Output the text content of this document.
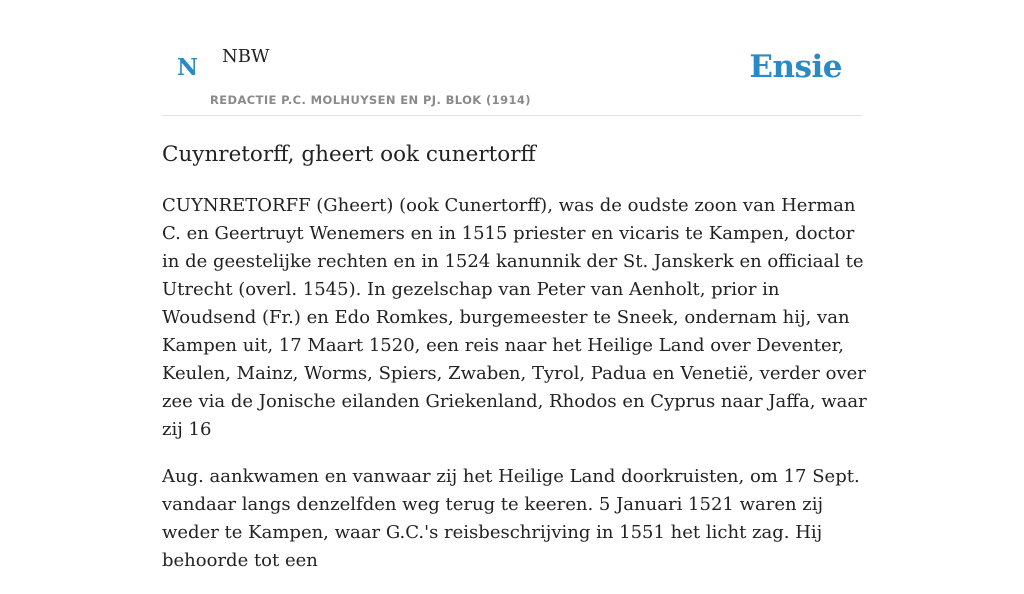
N NBW
REDACTIE P.C. MOLHUYSEN EN PJ. BLOK (1914)
Ensie
Cuynretorff, gheert ook cunertorff

CUYNRETORFF (Gheert) (ook Cunertorff), was de oudste zoon van Herman C. en Geertruyt Wenemers en in 1515 priester en vicaris te Kampen, doctor in de geestelijke rechten en in 1524 kanunnik der St. Janskerk en officiaal te Utrecht (overl. 1545). In gezelschap van Peter van Aenholt, prior in Woudsend (Fr.) en Edo Romkes, burgemeester te Sneek, ondernam hij, van Kampen uit, 17 Maart 1520, een reis naar het Heilige Land over Deventer, Keulen, Mainz, Worms, Spiers, Zwaben, Tyrol, Padua en Venetië, verder over zee via de Jonische eilanden Griekenland, Rhodos en Cyprus naar Jaffa, waar zij 16

Aug. aankwamen en vanwaar zij het Heilige Land doorkruisten, om 17 Sept. vandaar langs denzelfden weg terug te keeren. 5 Januari 1521 waren zij weder te Kampen, waar G.C.'s reisbeschrijving in 1551 het licht zag. Hij behoorde tot een
